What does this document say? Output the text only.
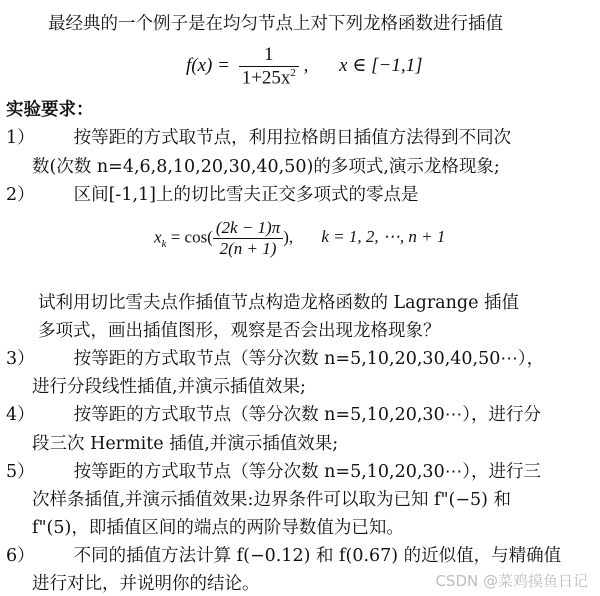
最经典的一个例子是在均匀节点上对下列龙格函数进行插值
$f(x) = \frac{1}{1+25x^2}$ , x ∈ [−1,1]
实验要求：
1） 按等距的方式取节点，利用拉格朗日插值方法得到不同次
数(次数 n=4,6,8,10,20,30,40,50)的多项式,演示龙格现象;
2） 区间[-1,1]上的切比雪夫正交多项式的零点是
$x_k = \cos( \frac{(2k - 1)\pi}{2(n + 1)}$ ), k = 1, 2, ⋯, n + 1
试利用切比雪夫点作插值节点构造龙格函数的 Lagrange 插值
多项式，画出插值图形，观察是否会出现龙格现象？
3） 按等距的方式取节点（等分次数 n=5,10,20,30,40,50⋯），
进行分段线性插值,并演示插值效果;
4） 按等距的方式取节点（等分次数 n=5,10,20,30⋯），进行分
段三次 Hermite 插值,并演示插值效果;
5） 按等距的方式取节点（等分次数 n=5,10,20,30⋯），进行三
次样条插值,并演示插值效果:边界条件可以取为已知 f"(−5) 和
f"(5)，即插值区间的端点的两阶导数值为已知。
6） 不同的插值方法计算 f(−0.12) 和 f(0.67) 的近似值，与精确值
进行对比，并说明你的结论。	CSDN @菜鸡摸鱼日记
